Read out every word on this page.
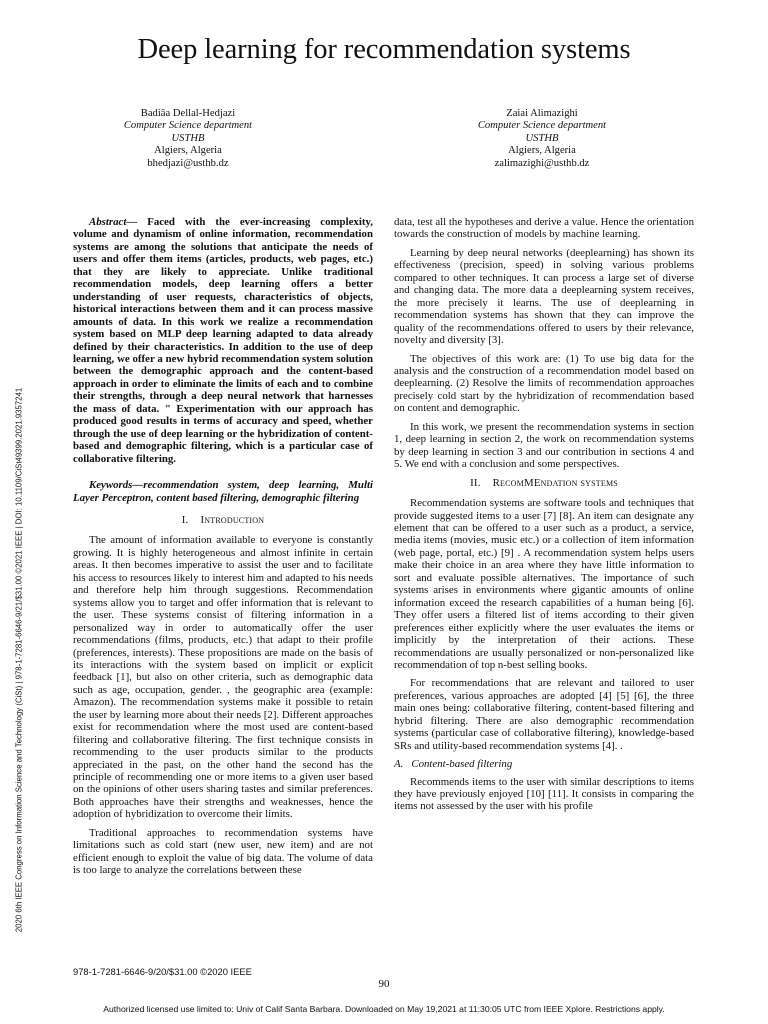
Deep learning for recommendation systems
Badiâa Dellal-Hedjazi
Computer Science department
USTHB
Algiers, Algeria
bhedjazi@usthb.dz
Zaiai Alimazighi
Computer Science department
USTHB
Algiers, Algeria
zalimazighi@usthb.dz
2020 6th IEEE Congress on Information Science and Technology (CiSt) | 978-1-7281-6646-9/21/$31.00 ©2021 IEEE | DOI: 10.1109/CiSt49399.2021.9357241

Abstract— Faced with the ever-increasing complexity, volume and dynamism of online information, recommendation systems are among the solutions that anticipate the needs of users and offer them items (articles, products, web pages, etc.) that they are likely to appreciate. Unlike traditional recommendation models, deep learning offers a better understanding of user requests, characteristics of objects, historical interactions between them and it can process massive amounts of data. In this work we realize a recommendation system based on MLP deep learning adapted to data already defined by their characteristics. In addition to the use of deep learning, we offer a new hybrid recommendation system solution between the demographic approach and the content-based approach in order to eliminate the limits of each and to combine their strengths, through a deep neural network that harnesses the mass of data. " Experimentation with our approach has produced good results in terms of accuracy and speed, whether through the use of deep learning or the hybridization of content-based and demographic filtering, which is a particular case of collaborative filtering.

Keywords—recommendation system, deep learning, Multi Layer Perceptron, content based filtering, demographic filtering

I. Introduction

The amount of information available to everyone is constantly growing. It is highly heterogeneous and almost infinite in certain areas. It then becomes imperative to assist the user and to facilitate his access to resources likely to interest him and adapted to his needs and therefore help him through suggestions. Recommendation systems allow you to target and offer information that is relevant to the user. These systems consist of filtering information in a personalized way in order to automatically offer the user recommendations (films, products, etc.) that adapt to their profile (preferences, interests). These propositions are made on the basis of its interactions with the system based on implicit or explicit feedback [1], but also on other criteria, such as demographic data such as age, occupation, gender. , the geographic area (example: Amazon). The recommendation systems make it possible to retain the user by learning more about their needs [2]. Different approaches exist for recommendation where the most used are content-based filtering and collaborative filtering. The first technique consists in recommending to the user products similar to the products appreciated in the past, on the other hand the second has the principle of recommending one or more items to a given user based on the opinions of other users sharing tastes and similar preferences. Both approaches have their strengths and weaknesses, hence the adoption of hybridization to overcome their limits.

Traditional approaches to recommendation systems have limitations such as cold start (new user, new item) and are not efficient enough to exploit the value of big data. The volume of data is too large to analyze the correlations between these

data, test all the hypotheses and derive a value. Hence the orientation towards the construction of models by machine learning.

Learning by deep neural networks (deeplearning) has shown its effectiveness (precision, speed) in solving various problems compared to other techniques. It can process a large set of diverse and changing data. The more data a deeplearning system receives, the more precisely it learns. The use of deeplearning in recommendation systems has shown that they can improve the quality of the recommendations offered to users by their relevance, novelty and diversity [3].

The objectives of this work are: (1) To use big data for the analysis and the construction of a recommendation model based on deeplearning. (2) Resolve the limits of recommendation approaches precisely cold start by the hybridization of recommendation based on content and demographic.

In this work, we present the recommendation systems in section 1, deep learning in section 2, the work on recommendation systems by deep learning in section 3 and our contribution in sections 4 and 5. We end with a conclusion and some perspectives.

II. RecomMEndation systems

Recommendation systems are software tools and techniques that provide suggested items to a user [7] [8]. An item can designate any element that can be offered to a user such as a product, a service, media items (movies, music etc.) or a collection of item information (web page, portal, etc.) [9] . A recommendation system helps users make their choice in an area where they have little information to sort and evaluate possible alternatives. The importance of such systems arises in environments where gigantic amounts of online information exceed the research capabilities of a human being [6]. They offer users a filtered list of items according to their given preferences either explicitly where the user evaluates the items or implicitly by the interpretation of their actions. These recommendations are usually personalized or non-personalized like recommendation of top n-best selling books.

For recommendations that are relevant and tailored to user preferences, various approaches are adopted [4] [5] [6], the three main ones being: collaborative filtering, content-based filtering and hybrid filtering. There are also demographic recommendation systems (particular case of collaborative filtering), knowledge-based SRs and utility-based recommendation systems [4]. .

A. Content-based filtering

Recommends items to the user with similar descriptions to items they have previously enjoyed [10] [11]. It consists in comparing the items not assessed by the user with his profile

978-1-7281-6646-9/20/$31.00 ©2020 IEEE
90
Authorized licensed use limited to: Univ of Calif Santa Barbara. Downloaded on May 19,2021 at 11:30:05 UTC from IEEE Xplore. Restrictions apply.
